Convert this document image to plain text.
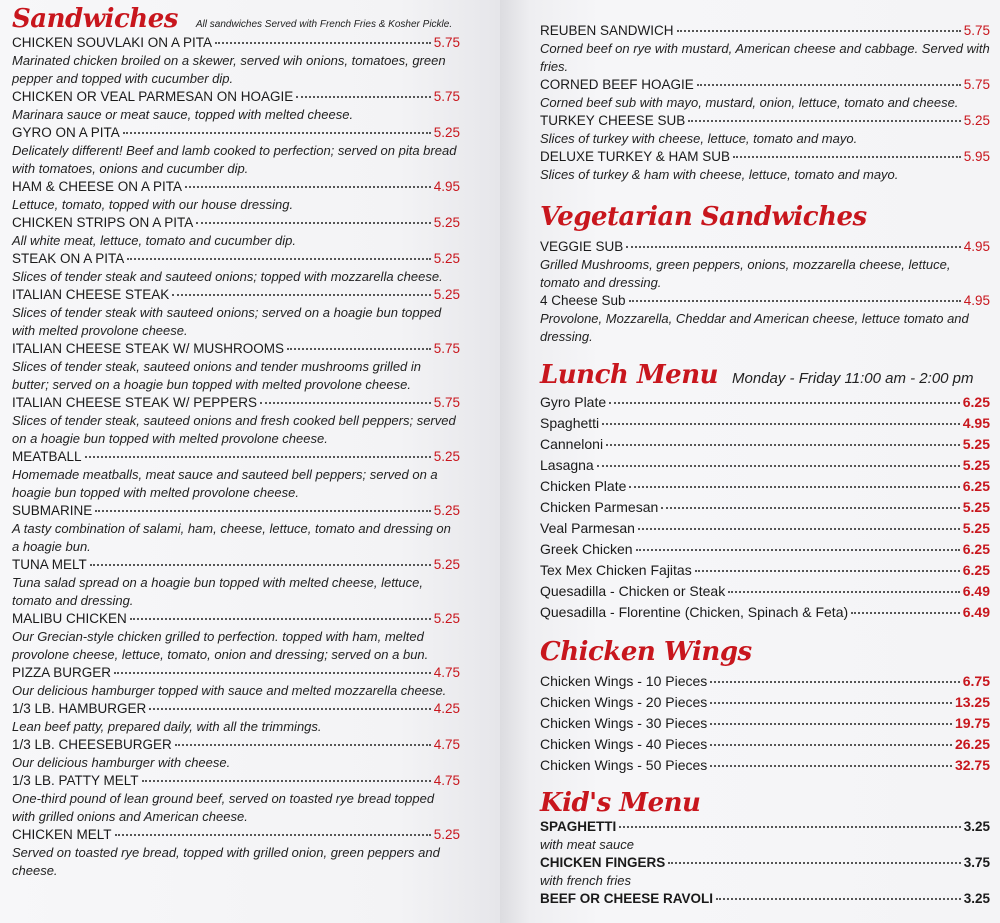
Sandwiches All sandwiches Served with French Fries & Kosher Pickle.
CHICKEN SOUVLAKI ON A PITA	5.75
Marinated chicken broiled on a skewer, served wih onions, tomatoes, green pepper and topped with cucumber dip.
CHICKEN OR VEAL PARMESAN ON HOAGIE	5.75
Marinara sauce or meat sauce, topped with melted cheese.
GYRO ON A PITA	5.25
Delicately different! Beef and lamb cooked to perfection; served on pita bread with tomatoes, onions and cucumber dip.
HAM & CHEESE ON A PITA	4.95
Lettuce, tomato, topped with our house dressing.
CHICKEN STRIPS ON A PITA	5.25
All white meat, lettuce, tomato and cucumber dip.
STEAK ON A PITA	5.25
Slices of tender steak and sauteed onions; topped with mozzarella cheese.
ITALIAN CHEESE STEAK	5.25
Slices of tender steak with sauteed onions; served on a hoagie bun topped with melted provolone cheese.
ITALIAN CHEESE STEAK W/ MUSHROOMS	5.75
Slices of tender steak, sauteed onions and tender mushrooms grilled in butter; served on a hoagie bun topped with melted provolone cheese.
ITALIAN CHEESE STEAK W/ PEPPERS	5.75
Slices of tender steak, sauteed onions and fresh cooked bell peppers; served on a hoagie bun topped with melted provolone cheese.
MEATBALL	5.25
Homemade meatballs, meat sauce and sauteed bell peppers; served on a hoagie bun topped with melted provolone cheese.
SUBMARINE	5.25
A tasty combination of salami, ham, cheese, lettuce, tomato and dressing on a hoagie bun.
TUNA MELT	5.25
Tuna salad spread on a hoagie bun topped with melted cheese, lettuce, tomato and dressing.
MALIBU CHICKEN	5.25
Our Grecian-style chicken grilled to perfection. topped with ham, melted provolone cheese, lettuce, tomato, onion and dressing; served on a bun.
PIZZA BURGER	4.75
Our delicious hamburger topped with sauce and melted mozzarella cheese.
1/3 LB. HAMBURGER	4.25
Lean beef patty, prepared daily, with all the trimmings.
1/3 LB. CHEESEBURGER	4.75
Our delicious hamburger with cheese.
1/3 LB. PATTY MELT	4.75
One-third pound of lean ground beef, served on toasted rye bread topped with grilled onions and American cheese.
CHICKEN MELT	5.25
Served on toasted rye bread, topped with grilled onion, green peppers and cheese.
REUBEN SANDWICH	5.75
Corned beef on rye with mustard, American cheese and cabbage. Served with fries.
CORNED BEEF HOAGIE	5.75
Corned beef sub with mayo, mustard, onion, lettuce, tomato and cheese.
TURKEY CHEESE SUB	5.25
Slices of turkey with cheese, lettuce, tomato and mayo.
DELUXE TURKEY & HAM SUB	5.95
Slices of turkey & ham with cheese, lettuce, tomato and mayo.
Vegetarian Sandwiches
VEGGIE SUB	4.95
Grilled Mushrooms, green peppers, onions, mozzarella cheese, lettuce, tomato and dressing.
4 Cheese Sub	4.95
Provolone, Mozzarella, Cheddar and American cheese, lettuce tomato and dressing.
Lunch Menu Monday - Friday 11:00 am - 2:00 pm
Gyro Plate	6.25
Spaghetti	4.95
Canneloni	5.25
Lasagna	5.25
Chicken Plate	6.25
Chicken Parmesan	5.25
Veal Parmesan	5.25
Greek Chicken	6.25
Tex Mex Chicken Fajitas	6.25
Quesadilla - Chicken or Steak	6.49
Quesadilla - Florentine (Chicken, Spinach & Feta)	6.49
Chicken Wings
Chicken Wings - 10 Pieces	6.75
Chicken Wings - 20 Pieces	13.25
Chicken Wings - 30 Pieces	19.75
Chicken Wings - 40 Pieces	26.25
Chicken Wings - 50 Pieces	32.75
Kid's Menu
SPAGHETTI	3.25
with meat sauce
CHICKEN FINGERS	3.75
with french fries
BEEF OR CHEESE RAVOLI	3.25
